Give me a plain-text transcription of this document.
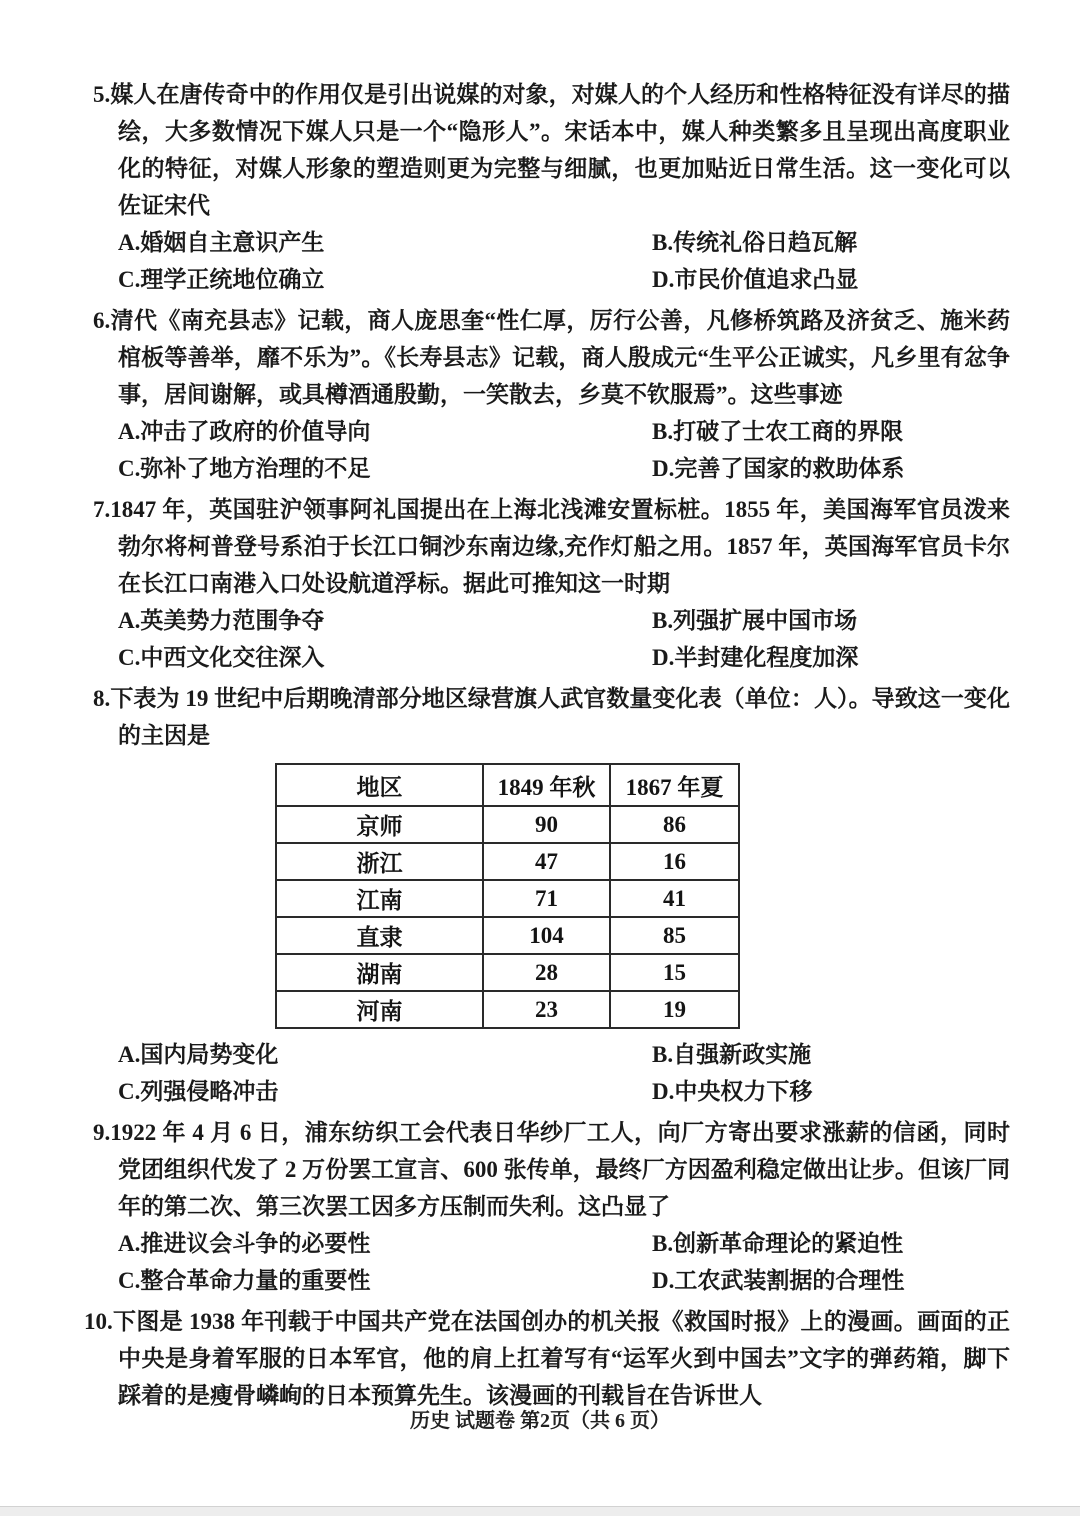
5.媒人在唐传奇中的作用仅是引出说媒的对象，对媒人的个人经历和性格特征没有详尽的描绘，大多数情况下媒人只是一个“隐形人”。宋话本中，媒人种类繁多且呈现出高度职业化的特征，对媒人形象的塑造则更为完整与细腻，也更加贴近日常生活。这一变化可以佐证宋代
A.婚姻自主意识产生	B.传统礼俗日趋瓦解
C.理学正统地位确立	D.市民价值追求凸显
6.清代《南充县志》记载，商人庞思奎“性仁厚，厉行公善，凡修桥筑路及济贫乏、施米药棺板等善举，靡不乐为”。《长寿县志》记载，商人殷成元“生平公正诚实，凡乡里有忿争事，居间谢解，或具樽酒通殷勤，一笑散去，乡莫不钦服焉”。这些事迹
A.冲击了政府的价值导向	B.打破了士农工商的界限
C.弥补了地方治理的不足	D.完善了国家的救助体系
7.1847 年，英国驻沪领事阿礼国提出在上海北浅滩安置标桩。1855 年，美国海军官员泼来勃尔将柯普登号系泊于长江口铜沙东南边缘,充作灯船之用。1857 年，英国海军官员卡尔在长江口南港入口处设航道浮标。据此可推知这一时期
A.英美势力范围争夺	B.列强扩展中国市场
C.中西文化交往深入	D.半封建化程度加深
8.下表为 19 世纪中后期晚清部分地区绿营旗人武官数量变化表（单位：人）。导致这一变化的主因是
地区	1849 年秋	1867 年夏
京师	90	86
浙江	47	16
江南	71	41
直隶	104	85
湖南	28	15
河南	23	19
A.国内局势变化	B.自强新政实施
C.列强侵略冲击	D.中央权力下移
9.1922 年 4 月 6 日，浦东纺织工会代表日华纱厂工人，向厂方寄出要求涨薪的信函，同时党团组织代发了 2 万份罢工宣言、600 张传单，最终厂方因盈利稳定做出让步。但该厂同年的第二次、第三次罢工因多方压制而失利。这凸显了
A.推进议会斗争的必要性	B.创新革命理论的紧迫性
C.整合革命力量的重要性	D.工农武装割据的合理性
10.下图是 1938 年刊载于中国共产党在法国创办的机关报《救国时报》上的漫画。画面的正中央是身着军服的日本军官，他的肩上扛着写有“运军火到中国去”文字的弹药箱，脚下踩着的是瘦骨嶙峋的日本预算先生。该漫画的刊载旨在告诉世人
历史 试题卷 第2页（共 6 页）
